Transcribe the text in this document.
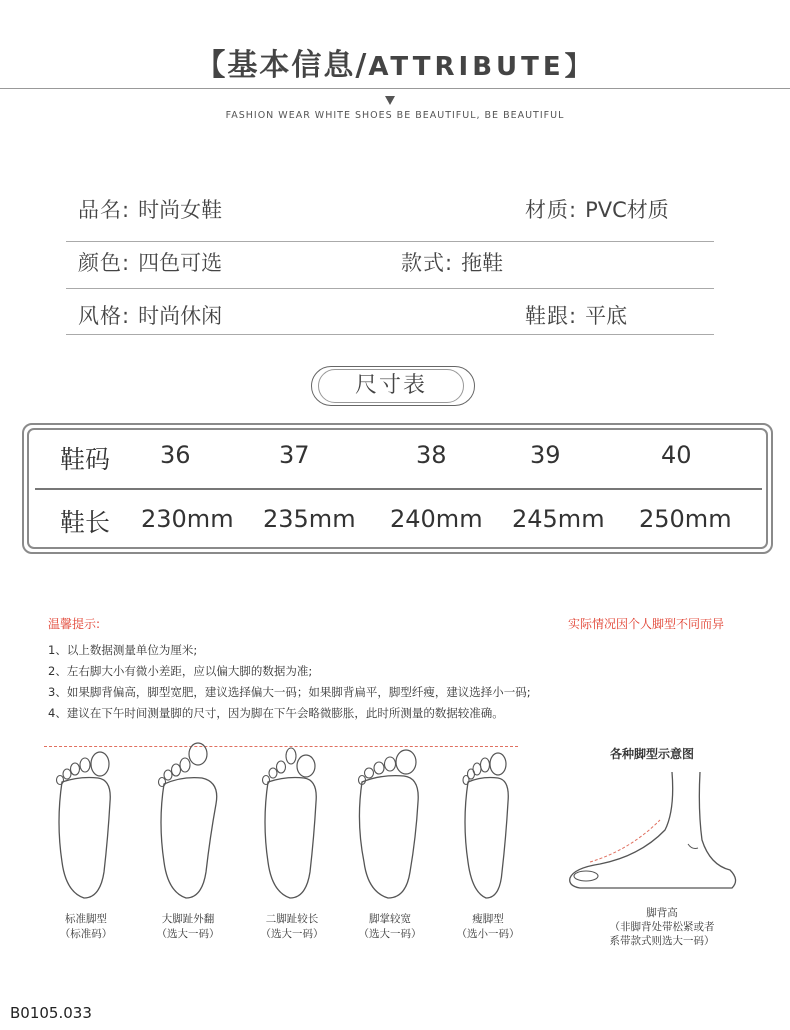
【基本信息/ATTRIBUTE】
FASHION WEAR WHITE SHOES BE BEAUTIFUL, BE BEAUTIFUL
品名: 时尚女鞋	材质: PVC材质
颜色: 四色可选	款式: 拖鞋
风格: 时尚休闲	鞋跟: 平底
尺寸表
鞋码 36	37	38	39	40
鞋长 230mm 235mm 240mm 245mm 250mm
温馨提示:	实际情况因个人脚型不同而异
1、以上数据测量单位为厘米;
2、左右脚大小有微小差距，应以偏大脚的数据为准;
3、如果脚背偏高，脚型宽肥，建议选择偏大一码；如果脚背扁平，脚型纤瘦，建议选择小一码;
4、建议在下午时间测量脚的尺寸，因为脚在下午会略微膨胀，此时所测量的数据较准确。
标准脚型
（标准码）
大脚趾外翻
（选大一码）
二脚趾较长
（选大一码）
脚掌较宽
（选大一码）
瘦脚型
（选小一码）
各种脚型示意图
脚背高
（非脚背处带松紧或者
系带款式则选大一码）
B0105.033
